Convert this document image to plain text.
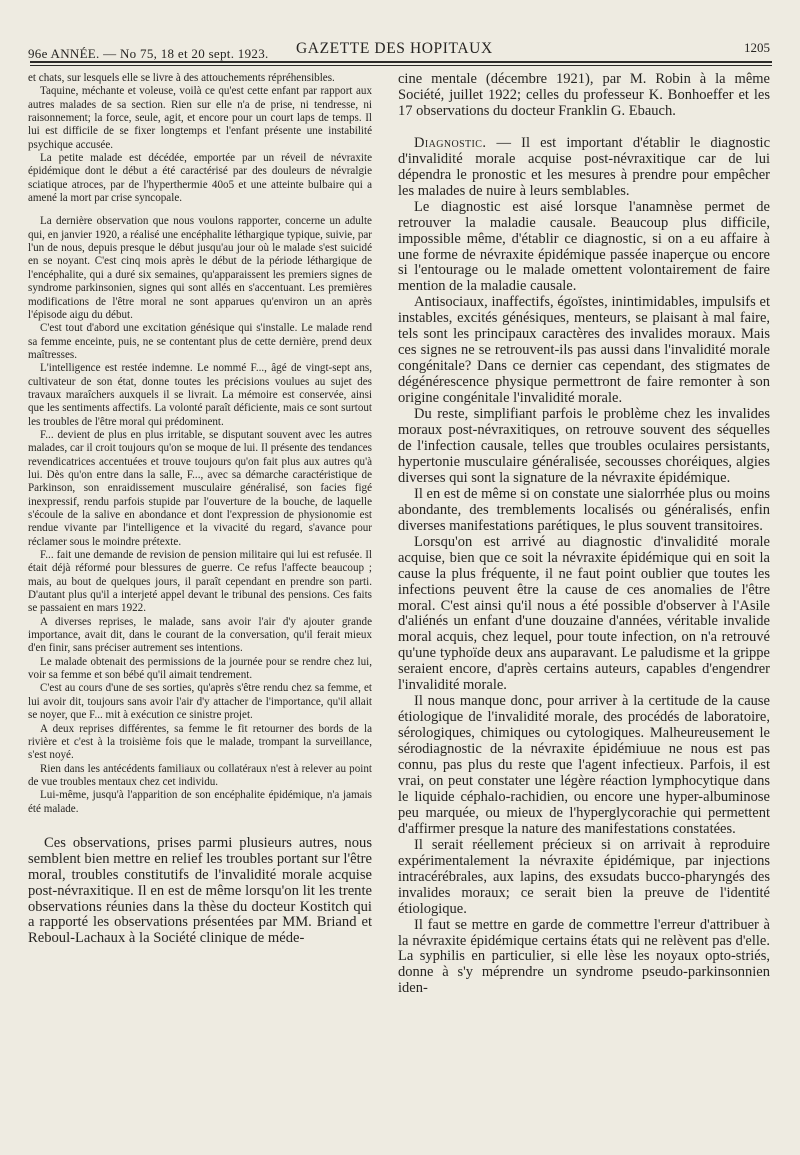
96e ANNÉE. — No 75, 18 et 20 sept. 1923. GAZETTE DES HOPITAUX	1205

et chats, sur lesquels elle se livre à des attouchements répréhensibles.

Taquine, méchante et voleuse, voilà ce qu'est cette enfant par rapport aux autres malades de sa section. Rien sur elle n'a de prise, ni tendresse, ni raisonnement; la force, seule, agit, et encore pour un court laps de temps. Il lui est difficile de se fixer longtemps et l'enfant présente une instabilité psychique accusée.

La petite malade est décédée, emportée par un réveil de névraxite épidémique dont le début a été caractérisé par des douleurs de névralgie sciatique atroces, par de l'hyperthermie 40o5 et une atteinte bulbaire qui a amené la mort par crise syncopale.

La dernière observation que nous voulons rapporter, concerne un adulte qui, en janvier 1920, a réalisé une encéphalite léthargique typique, suivie, par l'un de nous, depuis presque le début jusqu'au jour où le malade s'est suicidé en se noyant. C'est cinq mois après le début de la période léthargique de l'encéphalite, qui a duré six semaines, qu'apparaissent les premiers signes de syndrome parkinsonien, signes qui sont allés en s'accentuant. Les premières modifications de l'être moral ne sont apparues qu'environ un an après l'épisode aigu du début.

C'est tout d'abord une excitation génésique qui s'installe. Le malade rend sa femme enceinte, puis, ne se contentant plus de cette dernière, prend deux maîtresses.

L'intelligence est restée indemne. Le nommé F..., âgé de vingt-sept ans, cultivateur de son état, donne toutes les précisions voulues au sujet des travaux maraîchers auxquels il se livrait. La mémoire est conservée, ainsi que les sentiments affectifs. La volonté paraît déficiente, mais ce sont surtout les troubles de l'être moral qui prédominent.

F... devient de plus en plus irritable, se disputant souvent avec les autres malades, car il croit toujours qu'on se moque de lui. Il présente des tendances revendicatrices accentuées et trouve toujours qu'on fait plus aux autres qu'à lui. Dès qu'on entre dans la salle, F..., avec sa démarche caractéristique de Parkinson, son enraidissement musculaire généralisé, son facies figé inexpressif, rendu parfois stupide par l'ouverture de la bouche, de laquelle s'écoule de la salive en abondance et dont l'expression de physionomie est rendue vivante par l'intelligence et la vivacité du regard, s'avance pour réclamer sous le moindre prétexte.

F... fait une demande de revision de pension militaire qui lui est refusée. Il était déjà réformé pour blessures de guerre. Ce refus l'affecte beaucoup ; mais, au bout de quelques jours, il paraît cependant en prendre son parti. D'autant plus qu'il a interjeté appel devant le tribunal des pensions. Ces faits se passaient en mars 1922.

A diverses reprises, le malade, sans avoir l'air d'y ajouter grande importance, avait dit, dans le courant de la conversation, qu'il ferait mieux d'en finir, sans préciser autrement ses intentions.

Le malade obtenait des permissions de la journée pour se rendre chez lui, voir sa femme et son bébé qu'il aimait tendrement.

C'est au cours d'une de ses sorties, qu'après s'être rendu chez sa femme, et lui avoir dit, toujours sans avoir l'air d'y attacher de l'importance, qu'il allait se noyer, que F... mit à exécution ce sinistre projet.

A deux reprises différentes, sa femme le fit retourner des bords de la rivière et c'est à la troisième fois que le malade, trompant la surveillance, s'est noyé.

Rien dans les antécédents familiaux ou collatéraux n'est à relever au point de vue troubles mentaux chez cet individu.

Lui-même, jusqu'à l'apparition de son encéphalite épidémique, n'a jamais été malade.

Ces observations, prises parmi plusieurs autres, nous semblent bien mettre en relief les troubles portant sur l'être moral, troubles constitutifs de l'invalidité morale acquise post-névraxitique. Il en est de même lorsqu'on lit les trente observations réunies dans la thèse du docteur Kostitch qui a rapporté les observations présentées par MM. Briand et Reboul-Lachaux à la Société clinique de méde-

cine mentale (décembre 1921), par M. Robin à la même Société, juillet 1922; celles du professeur K. Bonhoeffer et les 17 observations du docteur Franklin G. Ebauch.

Diagnostic. — Il est important d'établir le diagnostic d'invalidité morale acquise post-névraxitique car de lui dépendra le pronostic et les mesures à prendre pour empêcher les malades de nuire à leurs semblables.

Le diagnostic est aisé lorsque l'anamnèse permet de retrouver la maladie causale. Beaucoup plus difficile, impossible même, d'établir ce diagnostic, si on a eu affaire à une forme de névraxite épidémique passée inaperçue ou encore si l'entourage ou le malade omettent volontairement de faire mention de la maladie causale.

Antisociaux, inaffectifs, égoïstes, inintimidables, impulsifs et instables, excités génésiques, menteurs, se plaisant à mal faire, tels sont les principaux caractères des invalides moraux. Mais ces signes ne se retrouvent-ils pas aussi dans l'invalidité morale congénitale? Dans ce dernier cas cependant, des stigmates de dégénérescence physique permettront de faire remonter à son origine congénitale l'invalidité morale.

Du reste, simplifiant parfois le problème chez les invalides moraux post-névraxitiques, on retrouve souvent des séquelles de l'infection causale, telles que troubles oculaires persistants, hypertonie musculaire généralisée, secousses choréiques, algies diverses qui sont la signature de la névraxite épidémique.

Il en est de même si on constate une sialorrhée plus ou moins abondante, des tremblements localisés ou généralisés, enfin diverses manifestations parétiques, le plus souvent transitoires.

Lorsqu'on est arrivé au diagnostic d'invalidité morale acquise, bien que ce soit la névraxite épidémique qui en soit la cause la plus fréquente, il ne faut point oublier que toutes les infections peuvent être la cause de ces anomalies de l'être moral. C'est ainsi qu'il nous a été possible d'observer à l'Asile d'aliénés un enfant d'une douzaine d'années, véritable invalide moral acquis, chez lequel, pour toute infection, on n'a retrouvé qu'une typhoïde deux ans auparavant. Le paludisme et la grippe seraient encore, d'après certains auteurs, capables d'engendrer l'invalidité morale.

Il nous manque donc, pour arriver à la certitude de la cause étiologique de l'invalidité morale, des procédés de laboratoire, sérologiques, chimiques ou cytologiques. Malheureusement le sérodiagnostic de la névraxite épidémiuue ne nous est pas connu, pas plus du reste que l'agent infectieux. Parfois, il est vrai, on peut constater une légère réaction lymphocytique dans le liquide céphalo-rachidien, ou encore une hyper-albuminose peu marquée, ou mieux de l'hyperglycorachie qui permettent d'affirmer presque la nature des manifestations constatées.

Il serait réellement précieux si on arrivait à reproduire expérimentalement la névraxite épidémique, par injections intracérébrales, aux lapins, des exsudats bucco-pharyngés des invalides moraux; ce serait bien la preuve de l'identité étiologique.

Il faut se mettre en garde de commettre l'erreur d'attribuer à la névraxite épidémique certains états qui ne relèvent pas d'elle. La syphilis en particulier, si elle lèse les noyaux opto-striés, donne à s'y méprendre un syndrome pseudo-parkinsonnien iden-
